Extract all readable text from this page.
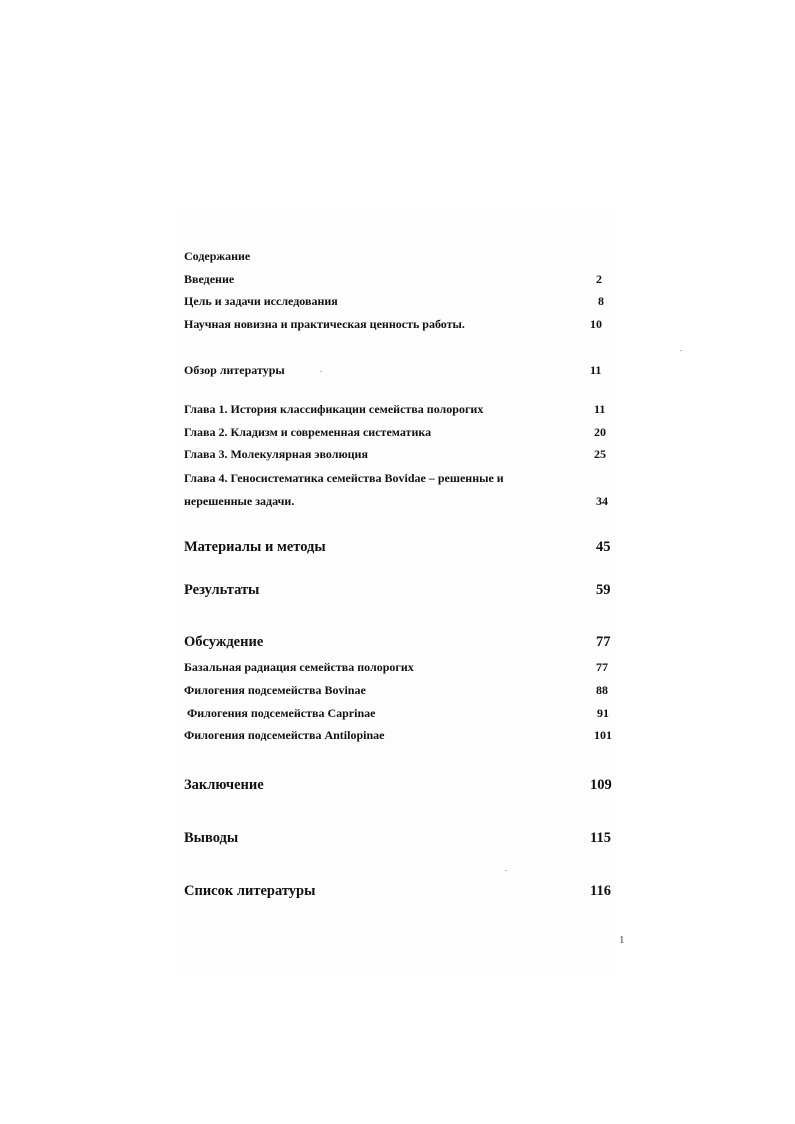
Содержание
Введение	2
Цель и задачи исследования	8
Научная новизна и практическая ценность работы.	10
Обзор литературы	11
Глава 1. История классификации семейства полорогих	11
Глава 2. Кладизм и современная систематика	20
Глава 3. Молекулярная эволюция	25
Глава 4. Геносистематика семейства Bovidae – решенные и
нерешенные задачи.	34
Материалы и методы	45
Результаты	59
Обсуждение	77
Базальная радиация семейства полорогих	77
Филогения подсемейства Bovinae	88
Филогения подсемейства Caprinae	91
Филогения подсемейства Antilopinae	101
Заключение	109
Выводы	115
Список литературы	116
1
